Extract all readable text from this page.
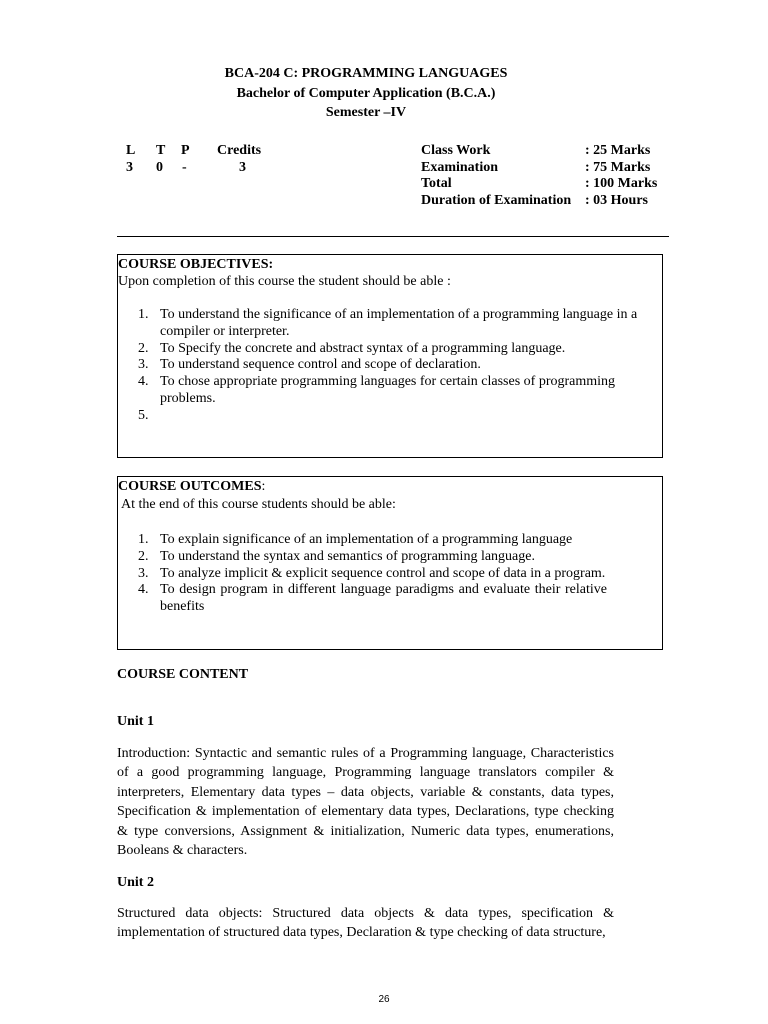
BCA-204 C: PROGRAMMING LANGUAGES
Bachelor of Computer Application (B.C.A.)
Semester –IV
L T P Credits
3 0 -	3
Class Work	: 25 Marks
Examination	: 75 Marks
Total	: 100 Marks
Duration of Examination : 03 Hours
COURSE OBJECTIVES:
Upon completion of this course the student should be able :
1. To understand the significance of an implementation of a programming language in a compiler or interpreter.
2. To Specify the concrete and abstract syntax of a programming language.
3. To understand sequence control and scope of declaration.
4. To chose appropriate programming languages for certain classes of programming problems.
5.
COURSE OUTCOMES:
At the end of this course students should be able:
1. To explain significance of an implementation of a programming language
2. To understand the syntax and semantics of programming language.
3. To analyze implicit & explicit sequence control and scope of data in a program.
4. To design program in different language paradigms and evaluate their relative benefits
COURSE CONTENT
Unit 1
Introduction: Syntactic and semantic rules of a Programming language, Characteristics of a good programming language, Programming language translators compiler & interpreters, Elementary data types – data objects, variable & constants, data types, Specification & implementation of elementary data types, Declarations, type checking & type conversions, Assignment & initialization, Numeric data types, enumerations, Booleans & characters.
Unit 2
Structured data objects: Structured data objects & data types, specification & implementation of structured data types, Declaration & type checking of data structure,
26
